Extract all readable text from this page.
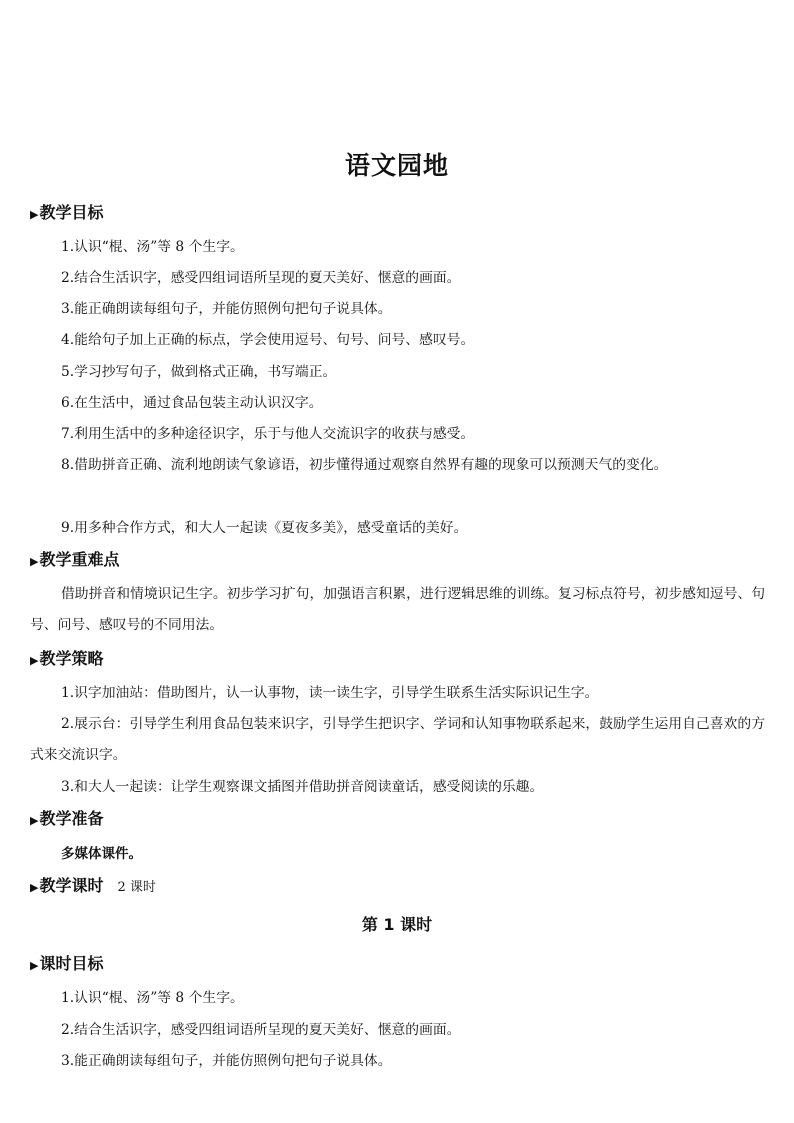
语文园地
▶教学目标
1.认识“棍、汤”等 8 个生字。
2.结合生活识字，感受四组词语所呈现的夏天美好、惬意的画面。
3.能正确朗读每组句子，并能仿照例句把句子说具体。
4.能给句子加上正确的标点，学会使用逗号、句号、问号、感叹号。
5.学习抄写句子，做到格式正确，书写端正。
6.在生活中，通过食品包装主动认识汉字。
7.利用生活中的多种途径识字，乐于与他人交流识字的收获与感受。
8.借助拼音正确、流利地朗读气象谚语，初步懂得通过观察自然界有趣的现象可以预测天气的变化。
9.用多种合作方式，和大人一起读《夏夜多美》，感受童话的美好。
▶教学重难点
借助拼音和情境识记生字。初步学习扩句，加强语言积累，进行逻辑思维的训练。复习标点符号，初步感知逗号、句号、问号、感叹号的不同用法。
▶教学策略
1.识字加油站：借助图片，认一认事物，读一读生字，引导学生联系生活实际识记生字。
2.展示台：引导学生利用食品包装来识字，引导学生把识字、学词和认知事物联系起来，鼓励学生运用自己喜欢的方式来交流识字。
3.和大人一起读：让学生观察课文插图并借助拼音阅读童话，感受阅读的乐趣。
▶教学准备
多媒体课件。
▶教学课时 2 课时
第 1 课时
▶课时目标
1.认识“棍、汤”等 8 个生字。
2.结合生活识字，感受四组词语所呈现的夏天美好、惬意的画面。
3.能正确朗读每组句子，并能仿照例句把句子说具体。
